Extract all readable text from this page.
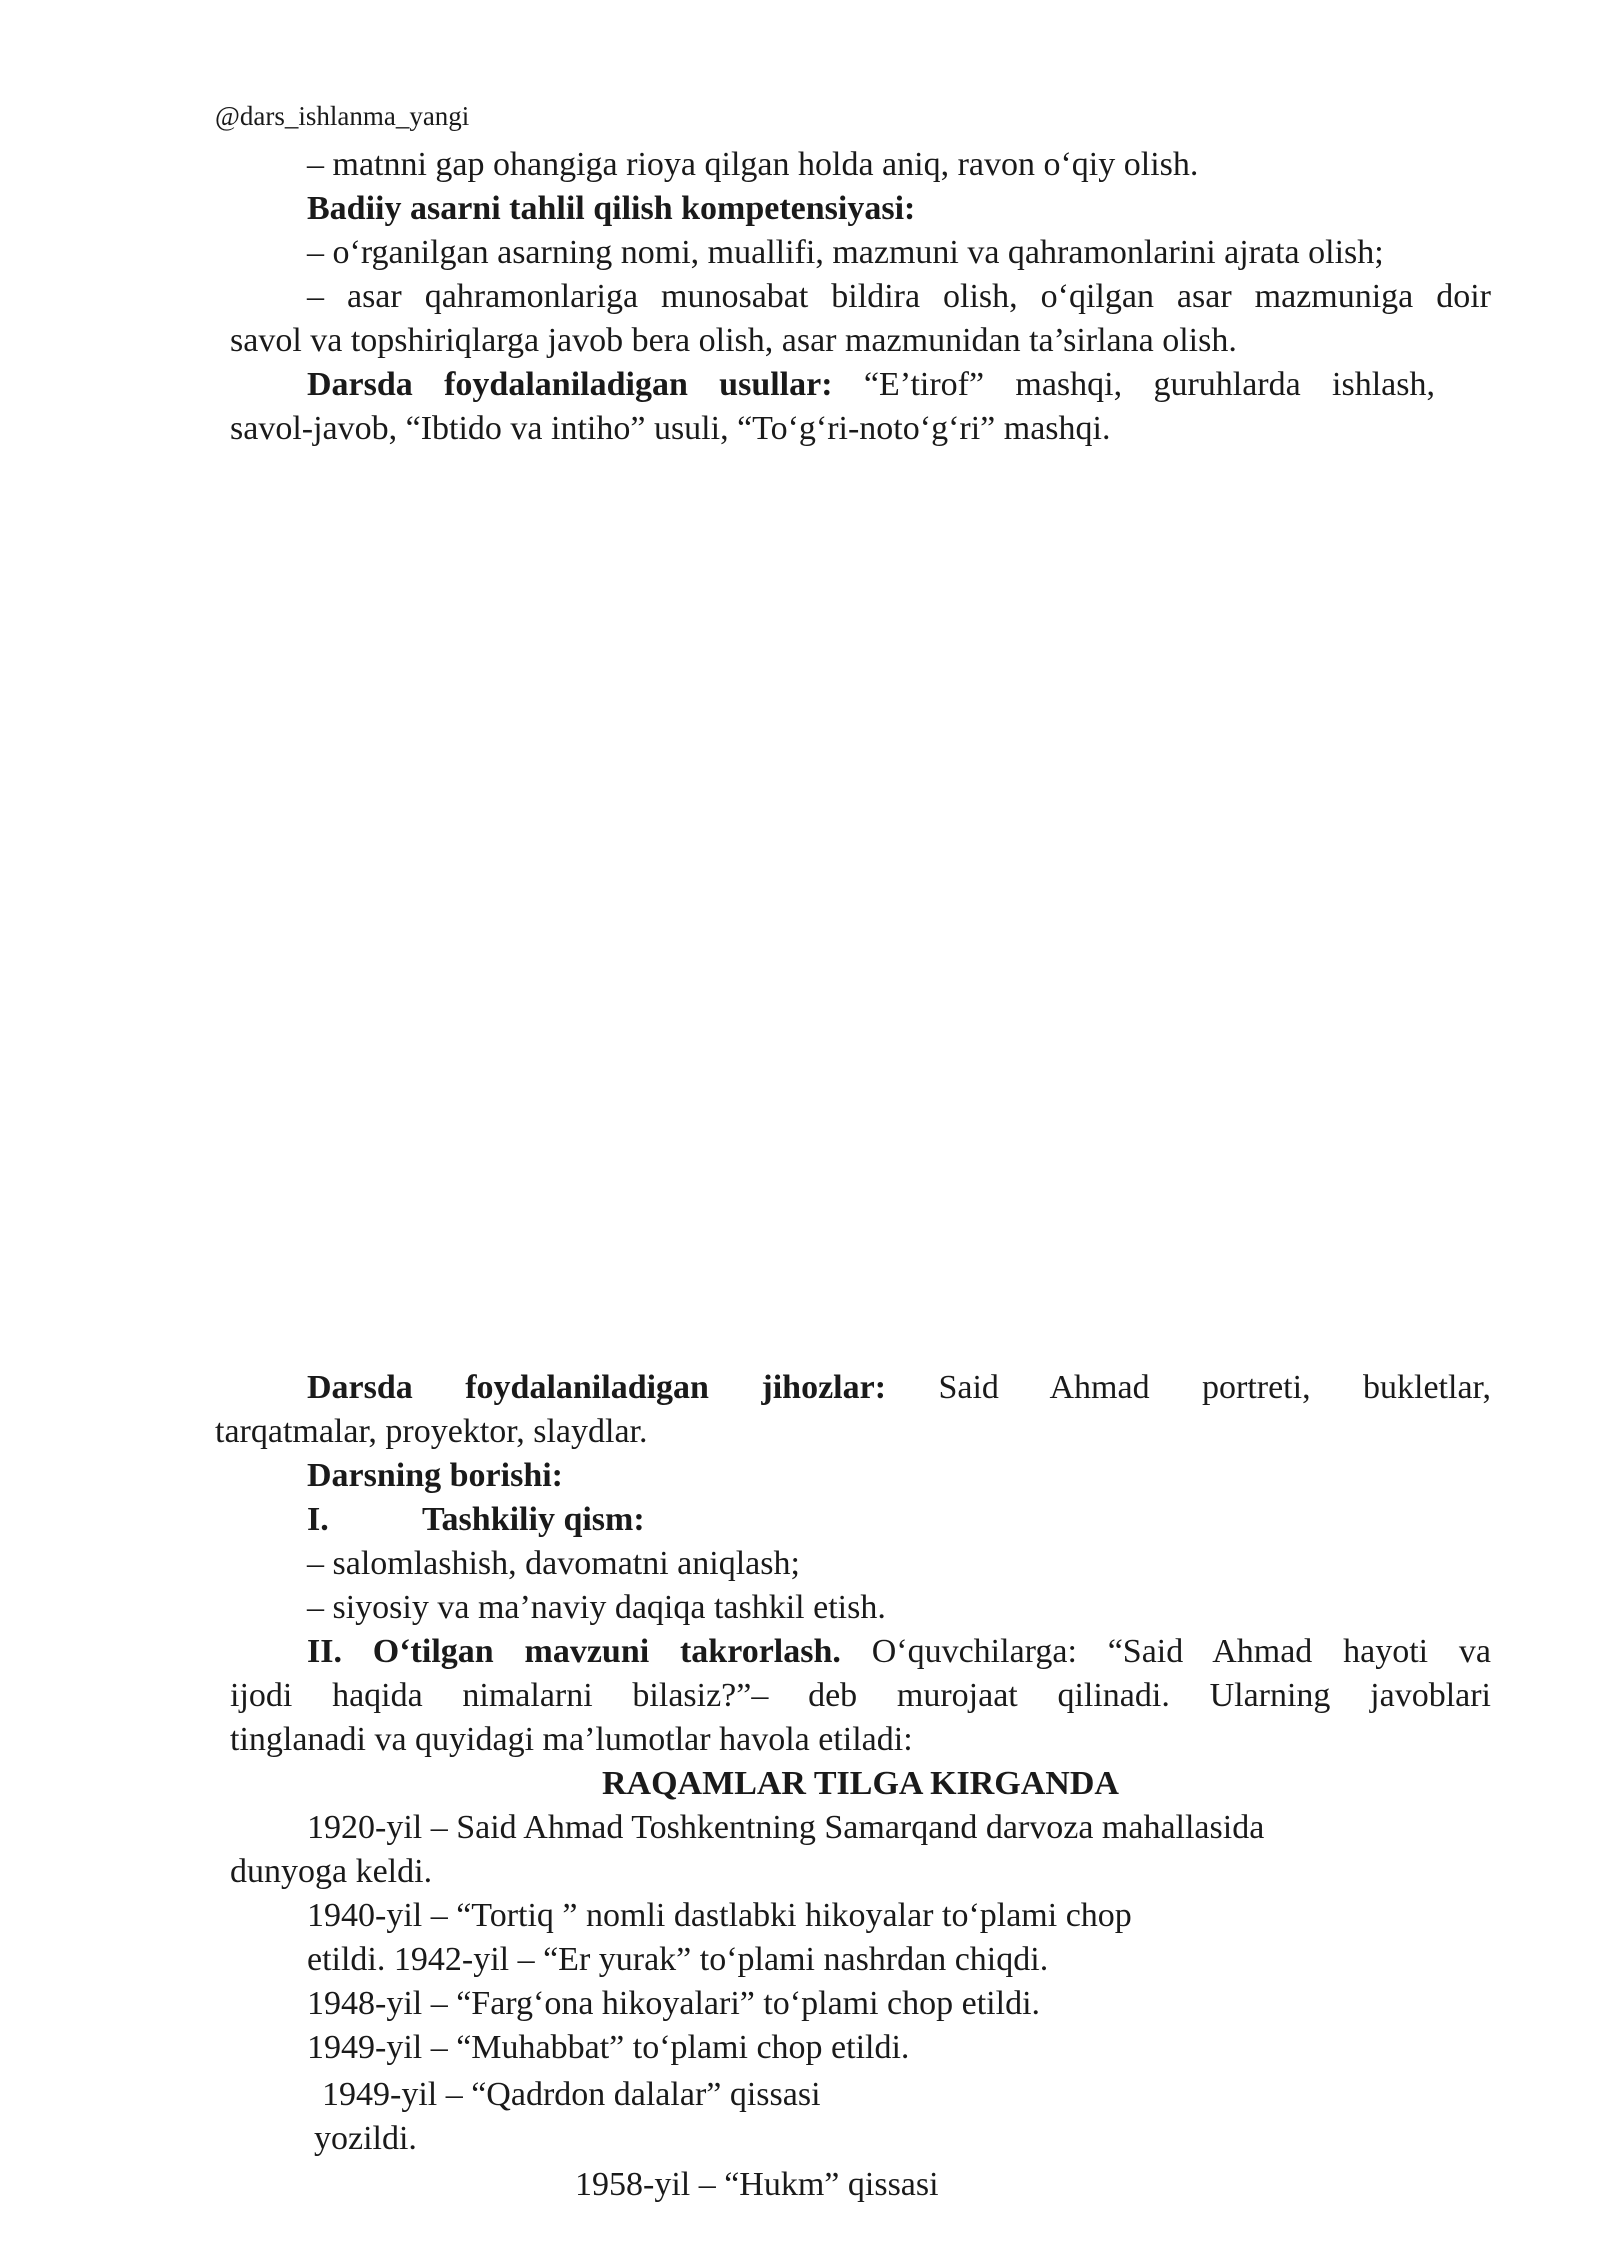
@dars_ishlanma_yangi
– matnni gap ohangiga rioya qilgan holda aniq, ravon o‘qiy olish.
Badiiy asarni tahlil qilish kompetensiyasi:
– o‘rganilgan asarning nomi, muallifi, mazmuni va qahramonlarini ajrata olish;
– asar qahramonlariga munosabat bildira olish, o‘qilgan asar mazmuniga doir
savol va topshiriqlarga javob bera olish, asar mazmunidan ta’sirlana olish.
Darsda foydalaniladigan usullar: “E’tirof” mashqi, guruhlarda ishlash,
savol-javob, “Ibtido va intiho” usuli, “To‘g‘ri-noto‘g‘ri” mashqi.
Darsda foydalaniladigan jihozlar: Said Ahmad portreti, bukletlar,
tarqatmalar, proyektor, slaydlar.
Darsning borishi:
I.	Tashkiliy qism:
– salomlashish, davomatni aniqlash;
– siyosiy va ma’naviy daqiqa tashkil etish.
II. O‘tilgan mavzuni takrorlash. O‘quvchilarga: “Said Ahmad hayoti va
ijodi haqida nimalarni bilasiz?”– deb murojaat qilinadi. Ularning javoblari
tinglanadi va quyidagi ma’lumotlar havola etiladi:
RAQAMLAR TILGA KIRGANDA
1920-yil – Said Ahmad Toshkentning Samarqand darvoza mahallasida
dunyoga keldi.
1940-yil – “Tortiq ” nomli dastlabki hikoyalar to‘plami chop
etildi. 1942-yil – “Er yurak” to‘plami nashrdan chiqdi.
1948-yil – “Farg‘ona hikoyalari” to‘plami chop etildi.
1949-yil – “Muhabbat” to‘plami chop etildi.
1949-yil – “Qadrdon dalalar” qissasi
yozildi.
1958-yil – “Hukm” qissasi
